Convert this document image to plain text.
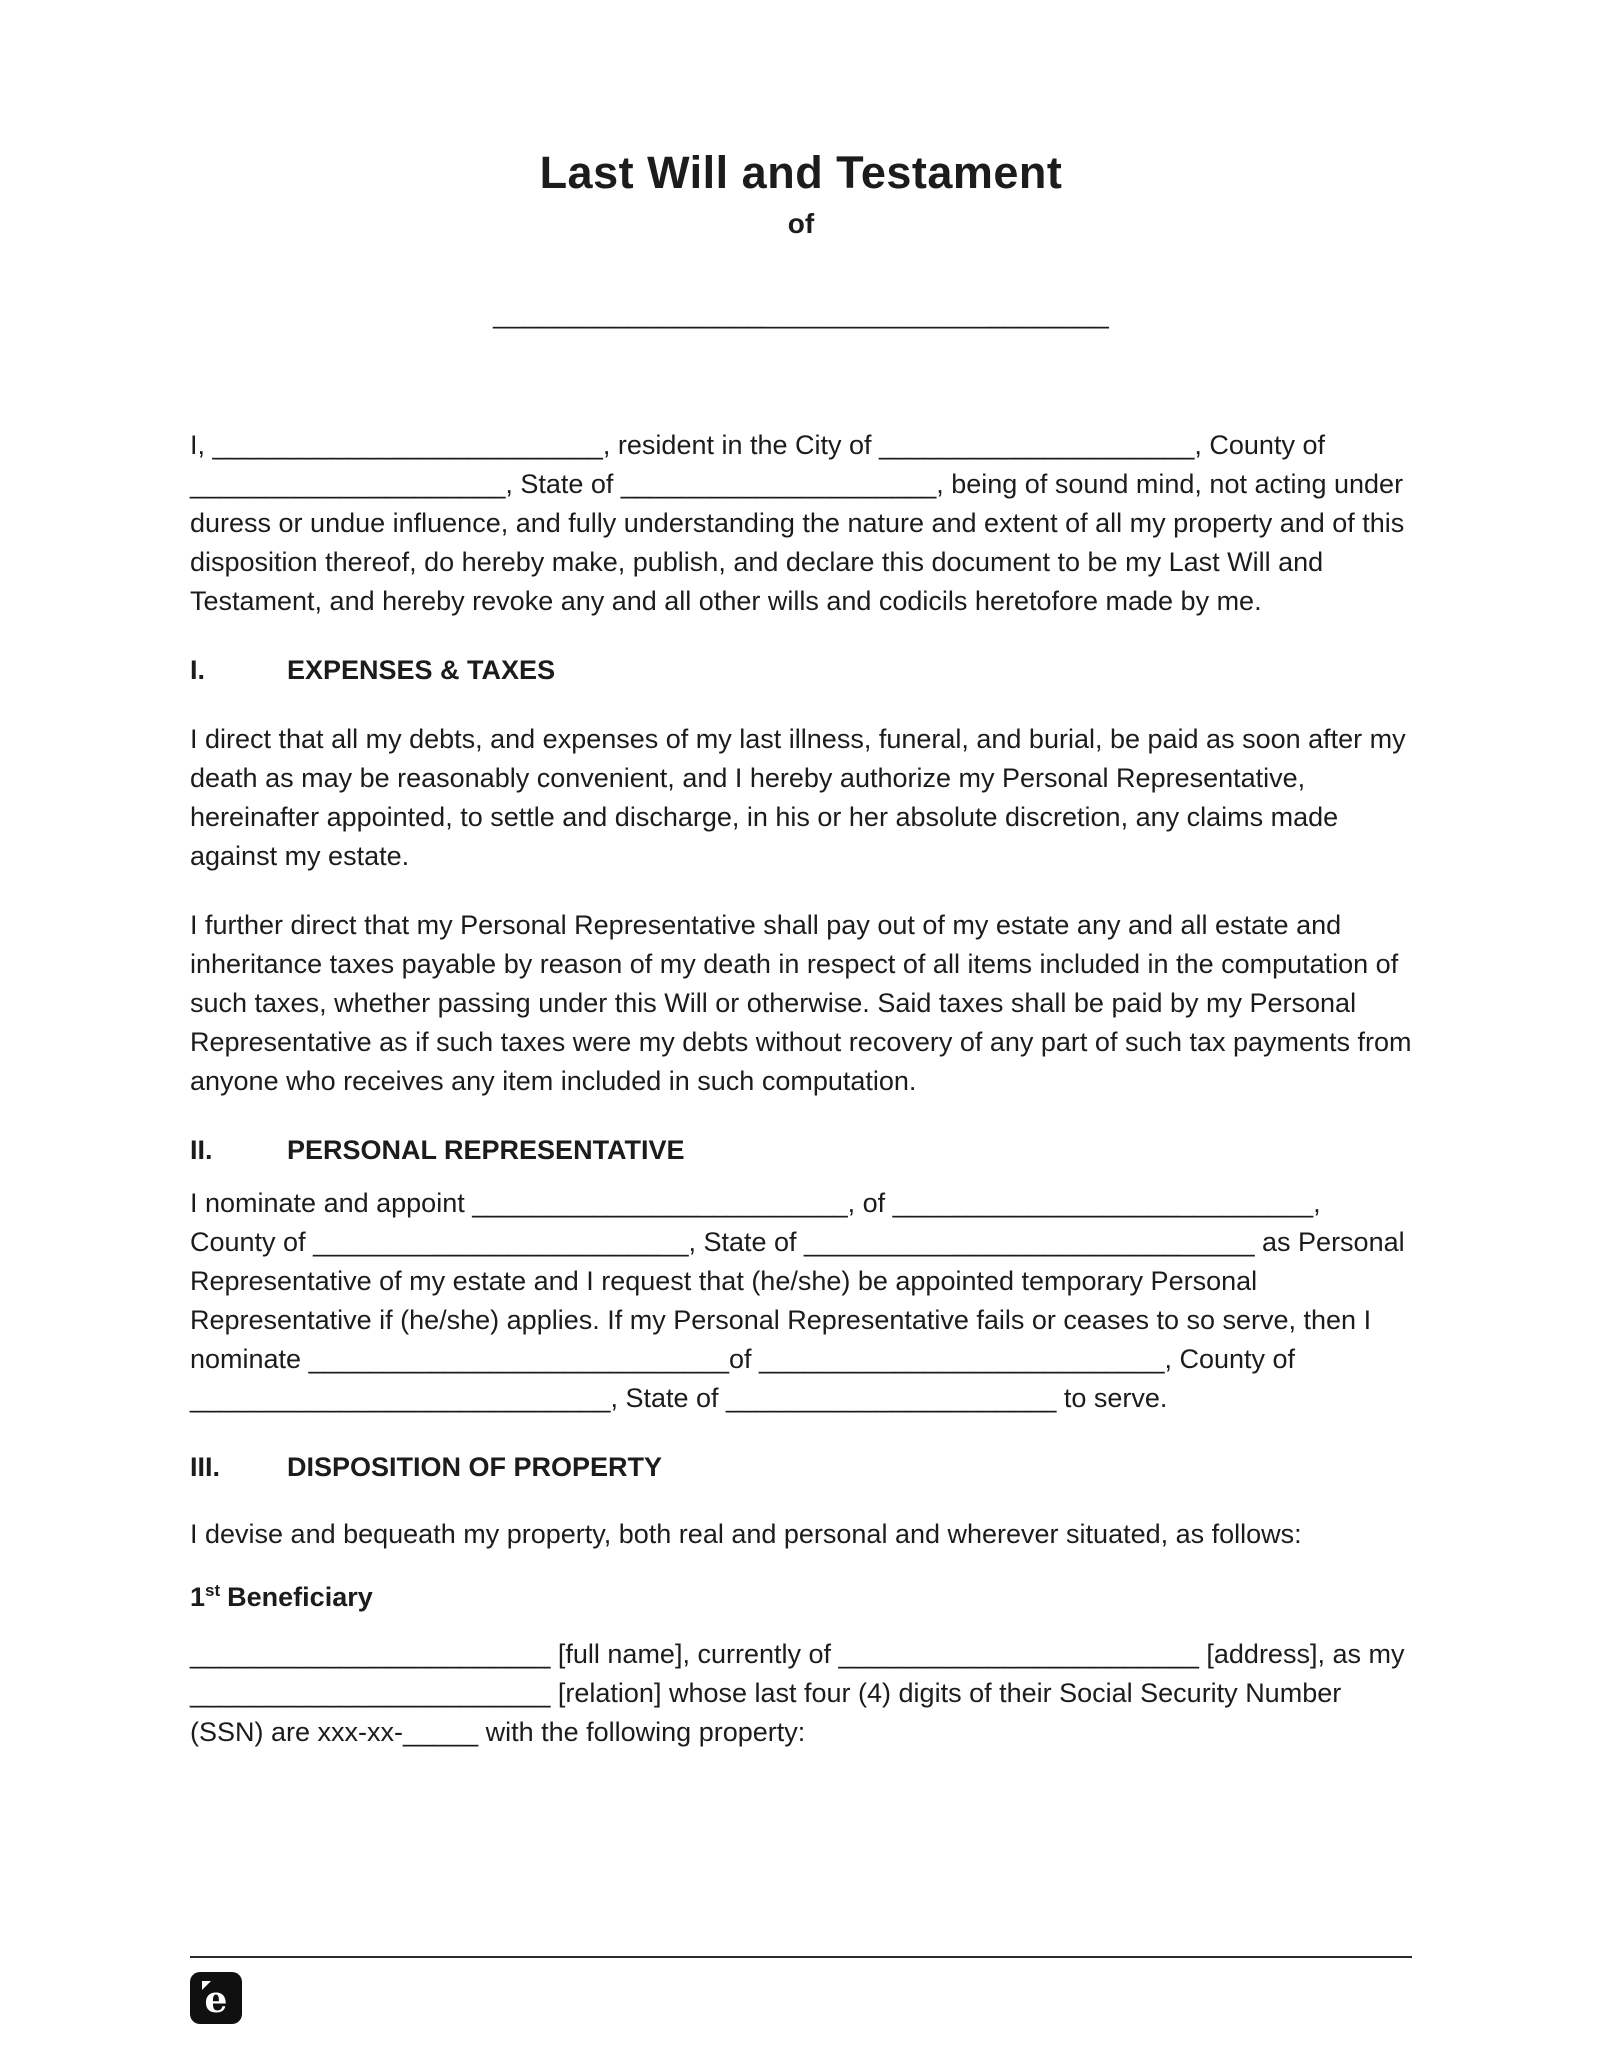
Last Will and Testament
of
_________________________________________

I, __________________________, resident in the City of _____________________, County of _____________________, State of _____________________, being of sound mind, not acting under duress or undue influence, and fully understanding the nature and extent of all my property and of this disposition thereof, do hereby make, publish, and declare this document to be my Last Will and Testament, and hereby revoke any and all other wills and codicils heretofore made by me.

I.	EXPENSES & TAXES

I direct that all my debts, and expenses of my last illness, funeral, and burial, be paid as soon after my death as may be reasonably convenient, and I hereby authorize my Personal Representative, hereinafter appointed, to settle and discharge, in his or her absolute discretion, any claims made against my estate.

I further direct that my Personal Representative shall pay out of my estate any and all estate and inheritance taxes payable by reason of my death in respect of all items included in the computation of such taxes, whether passing under this Will or otherwise. Said taxes shall be paid by my Personal Representative as if such taxes were my debts without recovery of any part of such tax payments from anyone who receives any item included in such computation.

II.	PERSONAL REPRESENTATIVE

I nominate and appoint _________________________, of ____________________________, County of _________________________, State of ______________________________ as Personal Representative of my estate and I request that (he/she) be appointed temporary Personal Representative if (he/she) applies. If my Personal Representative fails or ceases to so serve, then I nominate ____________________________of ___________________________, County of ____________________________, State of ______________________ to serve.

III.	DISPOSITION OF PROPERTY

I devise and bequeath my property, both real and personal and wherever situated, as follows:

1st Beneficiary

________________________ [full name], currently of ________________________ [address], as my ________________________ [relation] whose last four (4) digits of their Social Security Number (SSN) are xxx-xx-_____ with the following property:

e
